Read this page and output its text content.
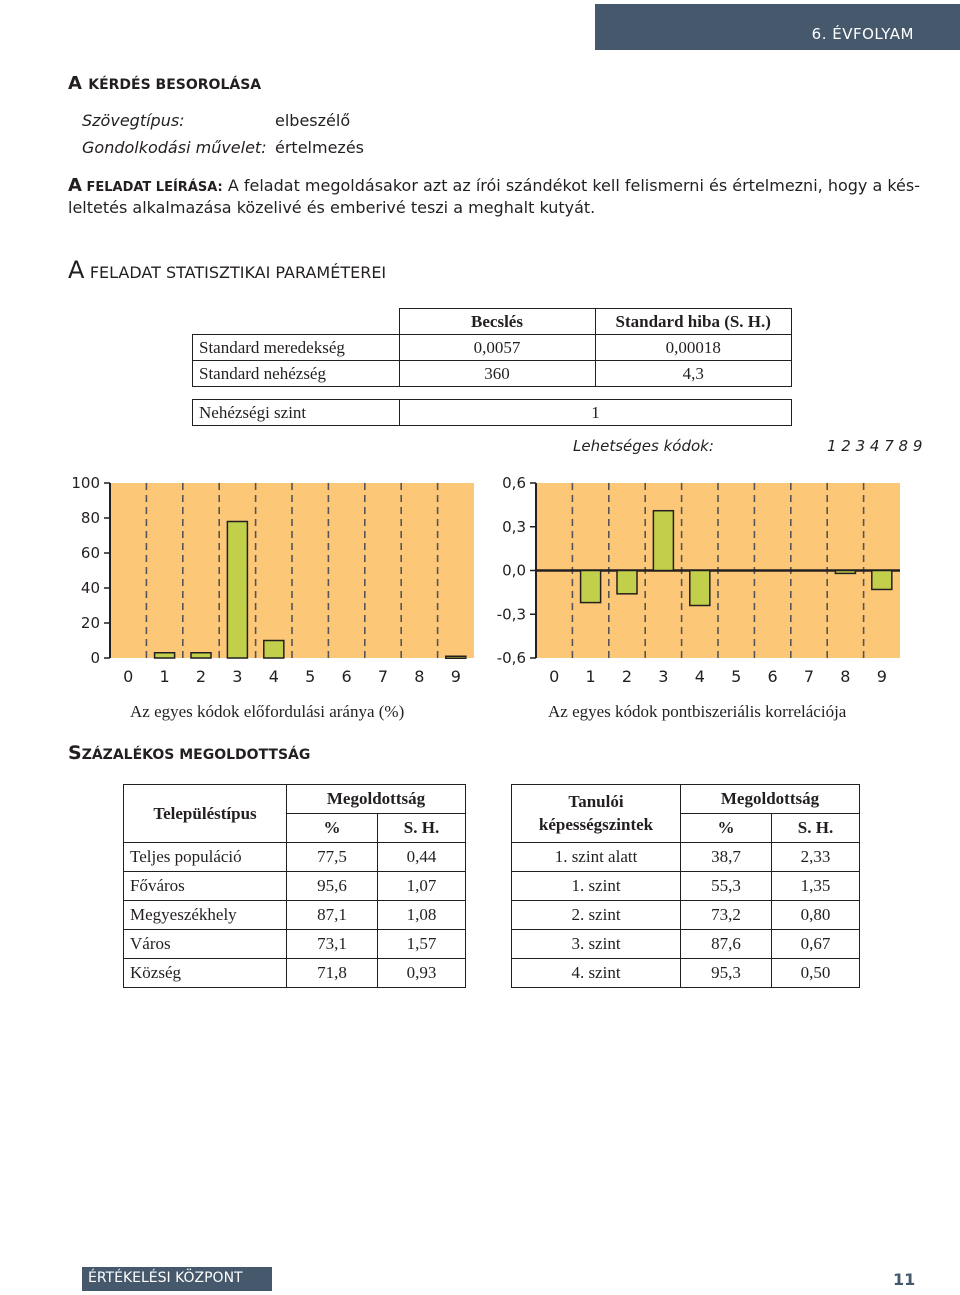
6. ÉVFOLYAM
A KÉRDÉS BESOROLÁSA
Szövegtípus:	elbeszélő
Gondolkodási művelet: értelmezés
A FELADAT LEÍRÁSA: A feladat megoldásakor azt az írói szándékot kell felismerni és értelmezni, hogy a kés-
leltetés alkalmazása közelivé és emberivé teszi a meghalt kutyát.
A FELADAT STATISZTIKAI PARAMÉTEREI
	Becslés	Standard hiba (S. H.)
Standard meredekség	0,0057	0,00018
Standard nehézség	360	4,3
Nehézségi szint	1
Lehetséges kódok:	1 2 3 4 7 8 9
0
20
40
60
80
100
0 1 2 3 4 5 6 7 8 9
-0,6
-0,3
0,0
0,3
0,6
0 1 2 3 4 5 6 7 8 9
Az egyes kódok előfordulási aránya (%)	Az egyes kódok pontbiszeriális korrelációja
SZÁZALÉKOS MEGOLDOTTSÁG
Településtípus	Megoldottság	
	%	S. H.
Teljes populáció	77,5	0,44
Főváros	95,6	1,07
Megyeszékhely	87,1	1,08
Város	73,1	1,57
Község	71,8	0,93
Tanulói
képességszintek	Megoldottság	
	%	S. H.
1. szint alatt	38,7	2,33
1. szint	55,3	1,35
2. szint	73,2	0,80
3. szint	87,6	0,67
4. szint	95,3	0,50
ÉRTÉKELÉSI KÖZPONT	11
